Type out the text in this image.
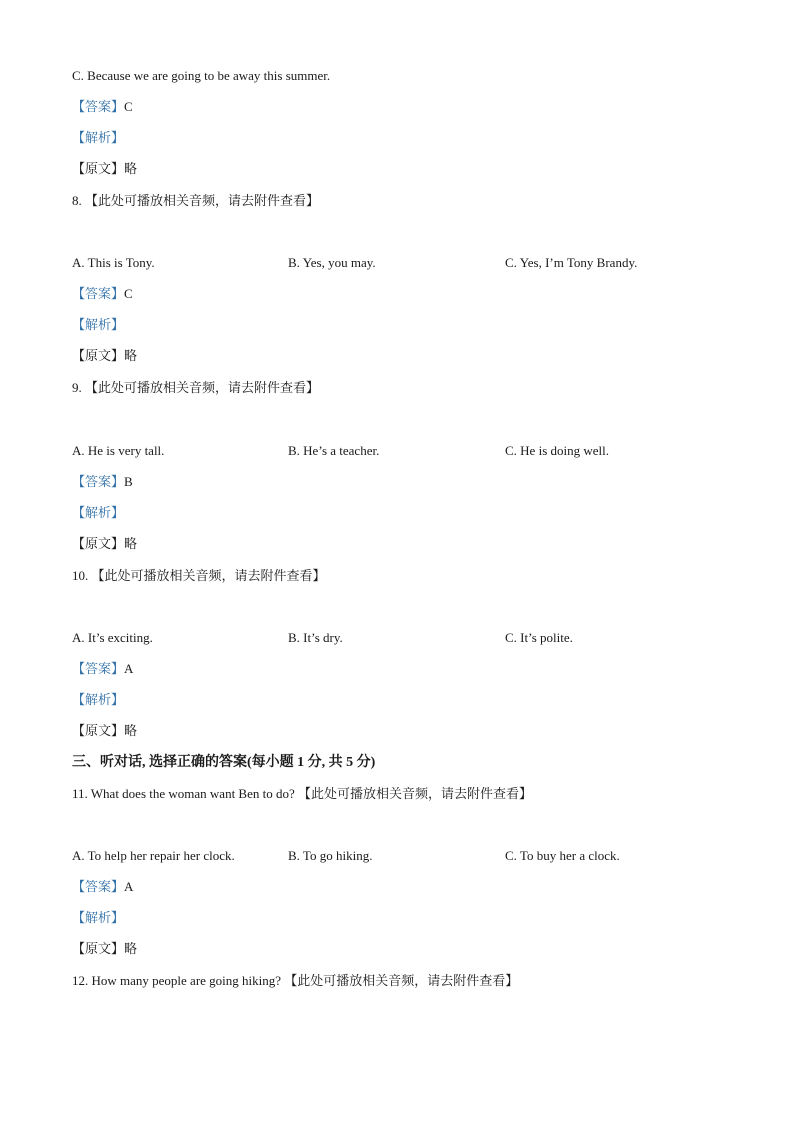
C. Because we are going to be away this summer.
【答案】C
【解析】
【原文】略
8. 【此处可播放相关音频，请去附件查看】
A. This is Tony.	B. Yes, you may.	C. Yes, I’m Tony Brandy.
【答案】C
【解析】
【原文】略
9. 【此处可播放相关音频，请去附件查看】
A. He is very tall.	B. He’s a teacher.	C. He is doing well.
【答案】B
【解析】
【原文】略
10. 【此处可播放相关音频，请去附件查看】
A. It’s exciting.	B. It’s dry.	C. It’s polite.
【答案】A
【解析】
【原文】略
三、听对话, 选择正确的答案(每小题 1 分, 共 5 分)
11. What does the woman want Ben to do? 【此处可播放相关音频，请去附件查看】
A. To help her repair her clock.	B. To go hiking.	C. To buy her a clock.
【答案】A
【解析】
【原文】略
12. How many people are going hiking? 【此处可播放相关音频，请去附件查看】
